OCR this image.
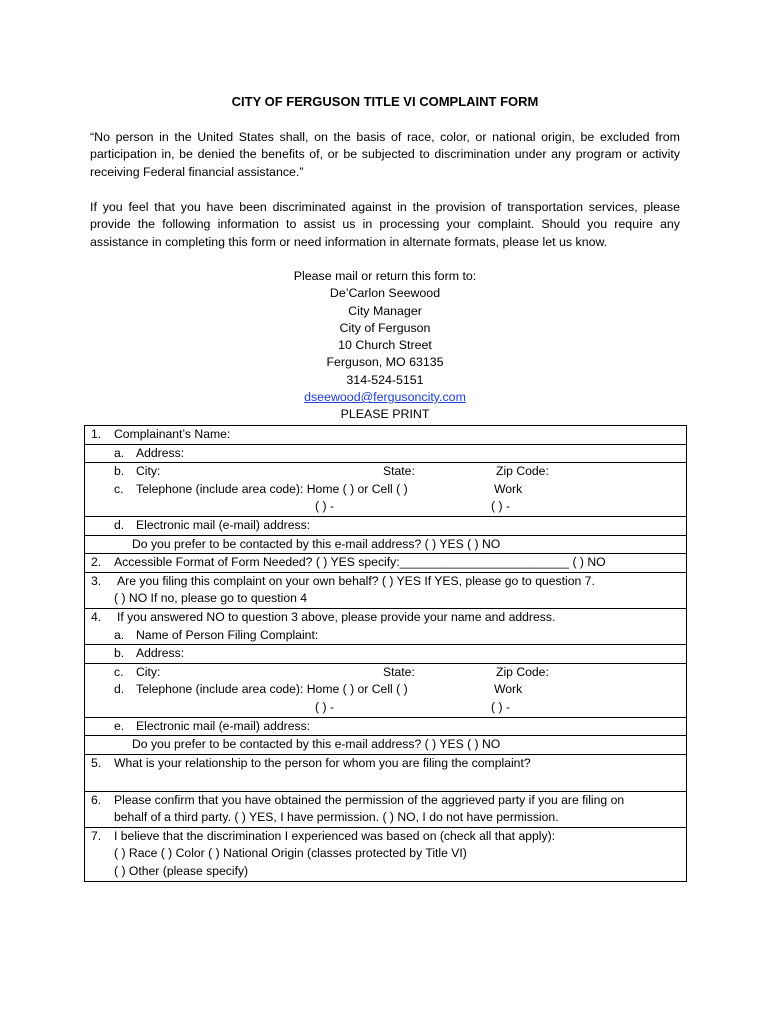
CITY OF FERGUSON TITLE VI COMPLAINT FORM
“No person in the United States shall, on the basis of race, color, or national origin, be excluded from participation in, be denied the benefits of, or be subjected to discrimination under any program or activity receiving Federal financial assistance.”
If you feel that you have been discriminated against in the provision of transportation services, please provide the following information to assist us in processing your complaint. Should you require any assistance in completing this form or need information in alternate formats, please let us know.
Please mail or return this form to:
De’Carlon Seewood
City Manager
City of Ferguson
10 Church Street
Ferguson, MO 63135
314-524-5151
dseewood@fergusoncity.com
PLEASE PRINT
1. Complainant’s Name:

a. Address:

b. City:	State:	Zip Code:
c. Telephone (include area code): Home ( ) or Cell ( )	Work
( ) -	( ) -

d. Electronic mail (e-mail) address:

Do you prefer to be contacted by this e-mail address? ( ) YES ( ) NO

2. Accessible Format of Form Needed? ( ) YES specify:_________________________ ( ) NO

3. Are you filing this complaint on your own behalf? ( ) YES If YES, please go to question 7.
( ) NO If no, please go to question 4

4. If you answered NO to question 3 above, please provide your name and address.
a. Name of Person Filing Complaint:

b. Address:

c. City:	State:	Zip Code:
d. Telephone (include area code): Home ( ) or Cell ( )	Work
( ) -	( ) -

e. Electronic mail (e-mail) address:

Do you prefer to be contacted by this e-mail address? ( ) YES ( ) NO

5. What is your relationship to the person for whom you are filing the complaint?

6. Please confirm that you have obtained the permission of the aggrieved party if you are filing on
behalf of a third party. ( ) YES, I have permission. ( ) NO, I do not have permission.

7. I believe that the discrimination I experienced was based on (check all that apply):
( ) Race ( ) Color ( ) National Origin (classes protected by Title VI)
( ) Other (please specify)
